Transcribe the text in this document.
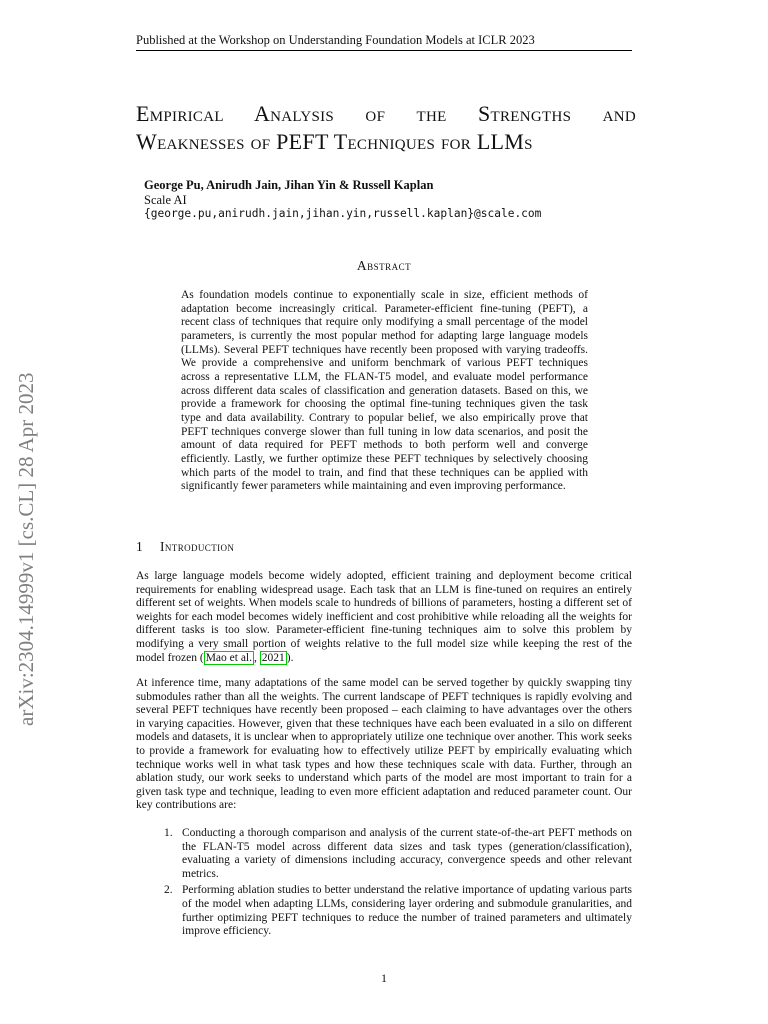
Published at the Workshop on Understanding Foundation Models at ICLR 2023
arXiv:2304.14999v1 [cs.CL] 28 Apr 2023
Empirical Analysis of the Strengths and
Weaknesses of PEFT Techniques for LLMs
George Pu, Anirudh Jain, Jihan Yin & Russell Kaplan
Scale AI
{george.pu,anirudh.jain,jihan.yin,russell.kaplan}@scale.com
Abstract

As foundation models continue to exponentially scale in size, efficient methods of adaptation become increasingly critical. Parameter-efficient fine-tuning (PEFT), a recent class of techniques that require only modifying a small percentage of the model parameters, is currently the most popular method for adapting large language models (LLMs). Several PEFT techniques have recently been proposed with varying tradeoffs. We provide a comprehensive and uniform benchmark of various PEFT techniques across a representative LLM, the FLAN-T5 model, and evaluate model performance across different data scales of classification and generation datasets. Based on this, we provide a framework for choosing the optimal fine-tuning techniques given the task type and data availability. Contrary to popular belief, we also empirically prove that PEFT techniques converge slower than full tuning in low data scenarios, and posit the amount of data required for PEFT methods to both perform well and converge efficiently. Lastly, we further optimize these PEFT techniques by selectively choosing which parts of the model to train, and find that these techniques can be applied with significantly fewer parameters while maintaining and even improving performance.

1 Introduction

As large language models become widely adopted, efficient training and deployment become critical requirements for enabling widespread usage. Each task that an LLM is fine-tuned on requires an entirely different set of weights. When models scale to hundreds of billions of parameters, hosting a different set of weights for each model becomes widely inefficient and cost prohibitive while reloading all the weights for different tasks is too slow. Parameter-efficient fine-tuning techniques aim to solve this problem by modifying a very small portion of weights relative to the full model size while keeping the rest of the model frozen ( Mao et al. , 2021 ).

At inference time, many adaptations of the same model can be served together by quickly swapping tiny submodules rather than all the weights. The current landscape of PEFT techniques is rapidly evolving and several PEFT techniques have recently been proposed – each claiming to have advantages over the others in varying capacities. However, given that these techniques have each been evaluated in a silo on different models and datasets, it is unclear when to appropriately utilize one technique over another. This work seeks to provide a framework for evaluating how to effectively utilize PEFT by empirically evaluating which technique works well in what task types and how these techniques scale with data. Further, through an ablation study, our work seeks to understand which parts of the model are most important to train for a given task type and technique, leading to even more efficient adaptation and reduced parameter count. Our key contributions are:

1. Conducting a thorough comparison and analysis of the current state-of-the-art PEFT methods on the FLAN-T5 model across different data sizes and task types (generation/classification), evaluating a variety of dimensions including accuracy, convergence speeds and other relevant metrics.
2. Performing ablation studies to better understand the relative importance of updating various parts of the model when adapting LLMs, considering layer ordering and submodule granularities, and further optimizing PEFT techniques to reduce the number of trained parameters and ultimately improve efficiency.
1
